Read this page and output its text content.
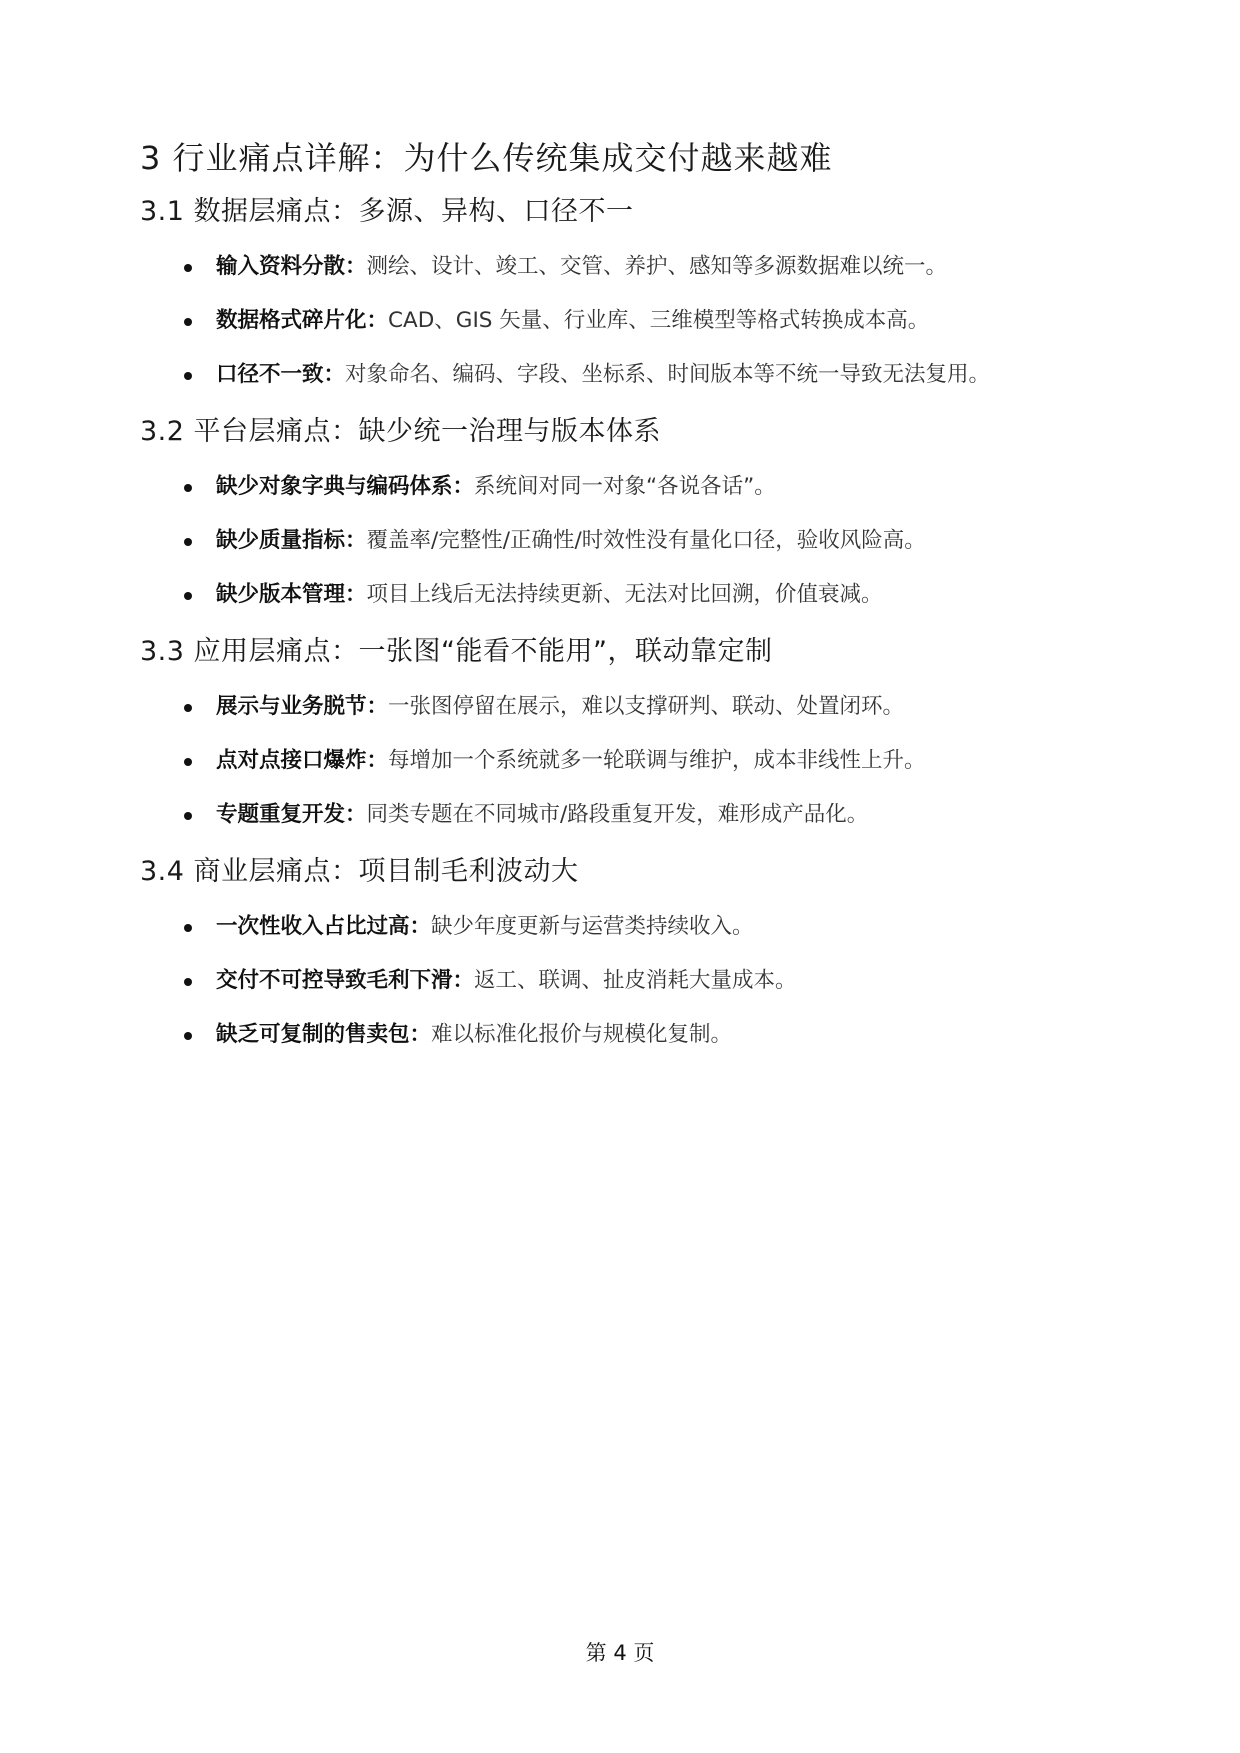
3 行业痛点详解：为什么传统集成交付越来越难
3.1 数据层痛点：多源、异构、口径不一
输入资料分散：测绘、设计、竣工、交管、养护、感知等多源数据难以统一。
数据格式碎片化：CAD、GIS 矢量、行业库、三维模型等格式转换成本高。
口径不一致：对象命名、编码、字段、坐标系、时间版本等不统一导致无法复用。
3.2 平台层痛点：缺少统一治理与版本体系
缺少对象字典与编码体系：系统间对同一对象“各说各话”。
缺少质量指标：覆盖率/完整性/正确性/时效性没有量化口径，验收风险高。
缺少版本管理：项目上线后无法持续更新、无法对比回溯，价值衰减。
3.3 应用层痛点：一张图“能看不能用”，联动靠定制
展示与业务脱节：一张图停留在展示，难以支撑研判、联动、处置闭环。
点对点接口爆炸：每增加一个系统就多一轮联调与维护，成本非线性上升。
专题重复开发：同类专题在不同城市/路段重复开发，难形成产品化。
3.4 商业层痛点：项目制毛利波动大
一次性收入占比过高：缺少年度更新与运营类持续收入。
交付不可控导致毛利下滑：返工、联调、扯皮消耗大量成本。
缺乏可复制的售卖包：难以标准化报价与规模化复制。
第 4 页
